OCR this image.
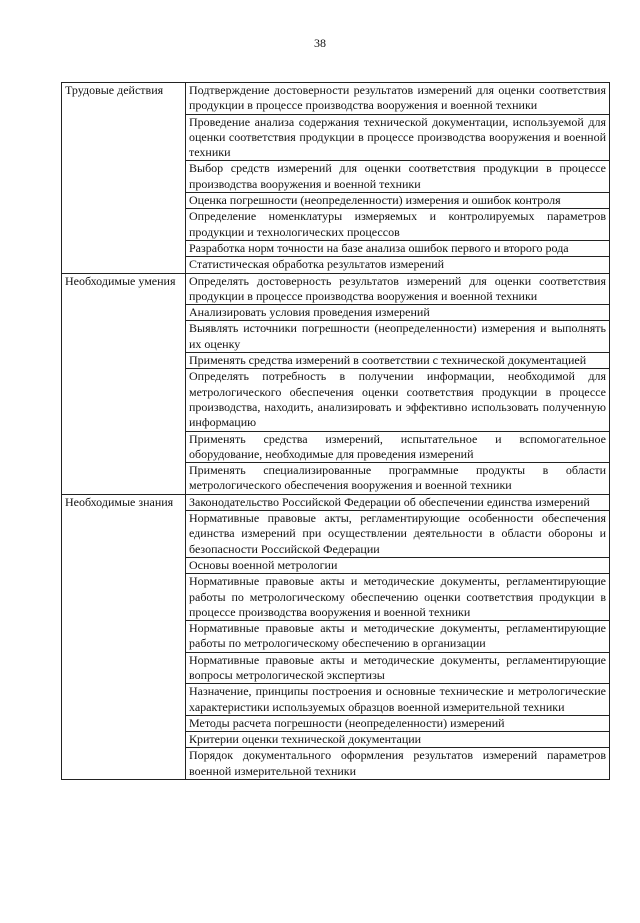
38
Трудовые действия	Подтверждение достоверности результатов измерений для оценки соответствия продукции в процессе производства вооружения и военной техники
	Проведение анализа содержания технической документации, используемой для оценки соответствия продукции в процессе производства вооружения и военной техники
	Выбор средств измерений для оценки соответствия продукции в процессе производства вооружения и военной техники
	Оценка погрешности (неопределенности) измерения и ошибок контроля
	Определение номенклатуры измеряемых и контролируемых параметров продукции и технологических процессов
	Разработка норм точности на базе анализа ошибок первого и второго рода
	Статистическая обработка результатов измерений
Необходимые умения	Определять достоверность результатов измерений для оценки соответствия продукции в процессе производства вооружения и военной техники
	Анализировать условия проведения измерений
	Выявлять источники погрешности (неопределенности) измерения и выполнять их оценку
	Применять средства измерений в соответствии с технической документацией
	Определять потребность в получении информации, необходимой для метрологического обеспечения оценки соответствия продукции в процессе производства, находить, анализировать и эффективно использовать полученную информацию
	Применять средства измерений, испытательное и вспомогательное оборудование, необходимые для проведения измерений
	Применять специализированные программные продукты в области метрологического обеспечения вооружения и военной техники
Необходимые знания	Законодательство Российской Федерации об обеспечении единства измерений
	Нормативные правовые акты, регламентирующие особенности обеспечения единства измерений при осуществлении деятельности в области обороны и безопасности Российской Федерации
	Основы военной метрологии
	Нормативные правовые акты и методические документы, регламентирующие работы по метрологическому обеспечению оценки соответствия продукции в процессе производства вооружения и военной техники
	Нормативные правовые акты и методические документы, регламентирующие работы по метрологическому обеспечению в организации
	Нормативные правовые акты и методические документы, регламентирующие вопросы метрологической экспертизы
	Назначение, принципы построения и основные технические и метрологические характеристики используемых образцов военной измерительной техники
	Методы расчета погрешности (неопределенности) измерений
	Критерии оценки технической документации
	Порядок документального оформления результатов измерений параметров военной измерительной техники
